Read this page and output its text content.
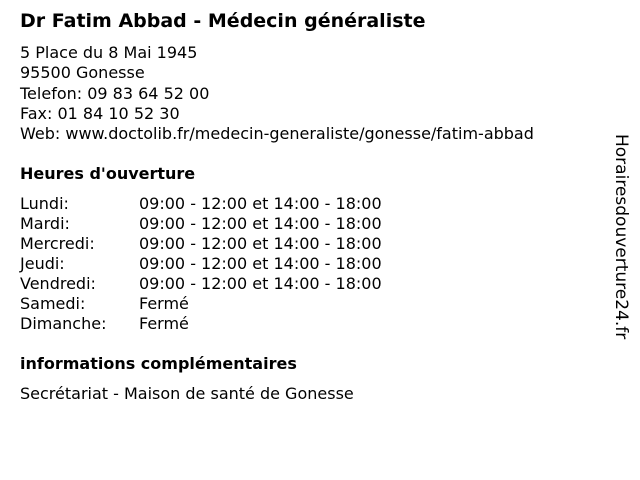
Dr Fatim Abbad - Médecin généraliste
5 Place du 8 Mai 1945
95500 Gonesse
Telefon: 09 83 64 52 00
Fax: 01 84 10 52 30
Web: www.doctolib.fr/medecin-generaliste/gonesse/fatim-abbad
Heures d'ouverture
Lundi:	09:00 - 12:00 et 14:00 - 18:00
Mardi:	09:00 - 12:00 et 14:00 - 18:00
Mercredi:	09:00 - 12:00 et 14:00 - 18:00
Jeudi:	09:00 - 12:00 et 14:00 - 18:00
Vendredi:	09:00 - 12:00 et 14:00 - 18:00
Samedi:	Fermé
Dimanche: Fermé
informations complémentaires
Secrétariat - Maison de santé de Gonesse
Horairesdouverture24.fr
